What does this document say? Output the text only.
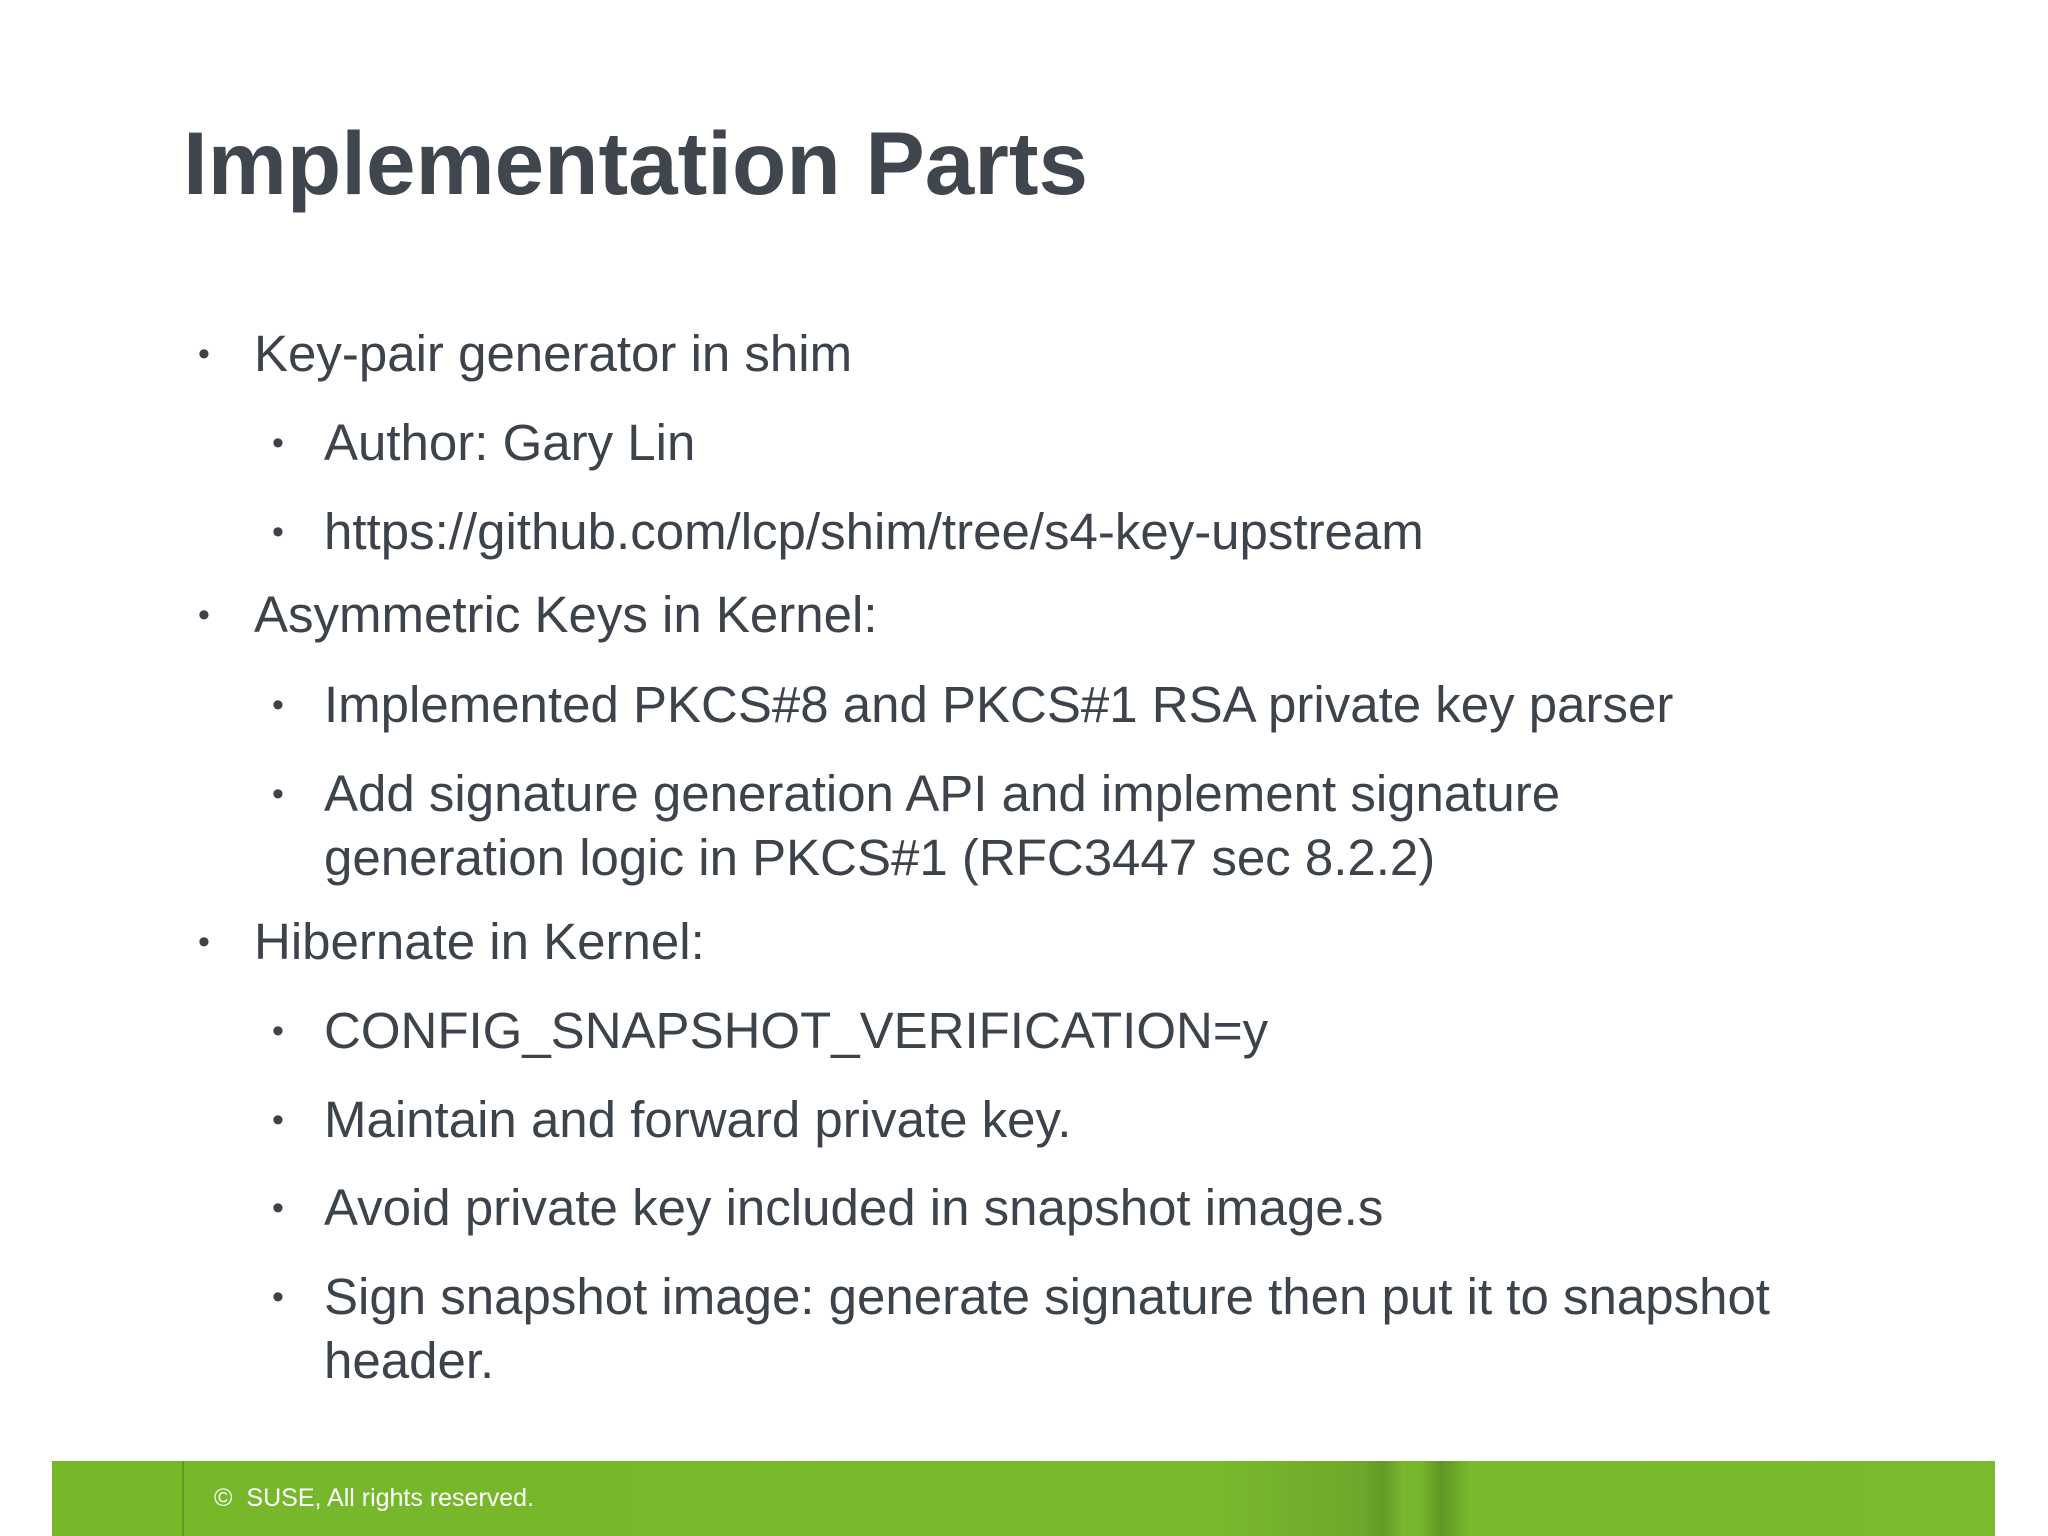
Implementation Parts
• Key-pair generator in shim
• Author: Gary Lin
• https://github.com/lcp/shim/tree/s4-key-upstream
• Asymmetric Keys in Kernel:
• Implemented PKCS#8 and PKCS#1 RSA private key parser
• Add signature generation API and implement signature
generation logic in PKCS#1 (RFC3447 sec 8.2.2)
• Hibernate in Kernel:
• CONFIG_SNAPSHOT_VERIFICATION=y
• Maintain and forward private key.
• Avoid private key included in snapshot image.s
• Sign snapshot image: generate signature then put it to snapshot
header.
© SUSE, All rights reserved.
